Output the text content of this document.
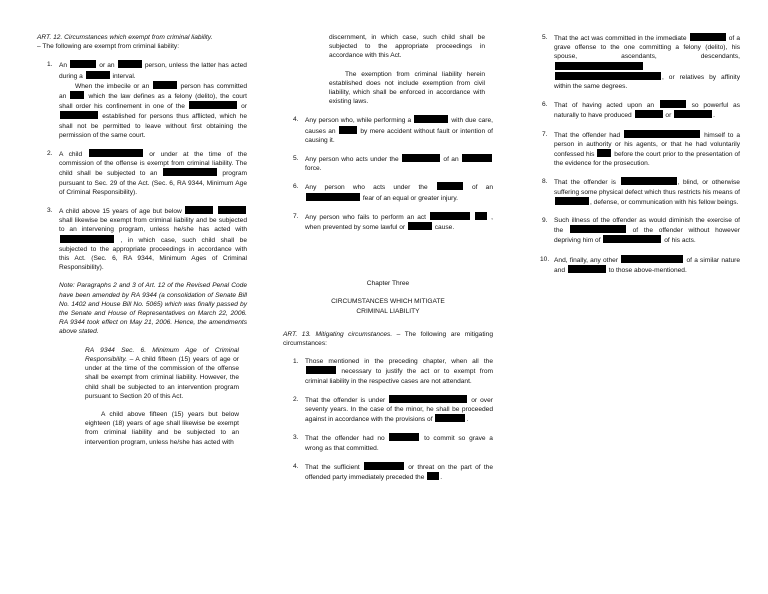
ART. 12. Circumstances which exempt from criminal liability.
– The following are exempt from criminal liability:
1. An	or an	person, unless the latter has acted during a	interval.
When the imbecile or an	person has committed an	which the law defines as a felony (delito), the court shall order his confinement in one of the	or  established for persons thus afflicted, which he shall not be permitted to leave without first obtaining the permission of the same court.
2. A child	or under at the time of the commission of the offense is exempt from criminal liability. The child shall be subjected to an	program pursuant to Sec. 29 of the Act. (Sec. 6, RA 9344, Minimum Age of Criminal Responsibility).
3. A child above 15 years of age but below   shall likewise be exempt from criminal liability and be subjected to an intervening program, unless he/she has acted with  , in which case, such child shall be subjected to the appropriate proceedings in accordance with this Act. (Sec. 6, RA 9344, Minimum Ages of Criminal Responsibility).
Note: Paragraphs 2 and 3 of Art. 12 of the Revised Penal Code have been amended by RA 9344 (a consolidation of Senate Bill No. 1402 and House Bill No. 5065) which was finally passed by the Senate and House of Representatives on March 22, 2006. RA 9344 took effect on May 21, 2006. Hence, the amendments above stated.
RA 9344 Sec. 6. Minimum Age of Criminal Responsibility. – A child fifteen (15) years of age or under at the time of the commission of the offense shall be exempt from criminal liability. However, the child shall be subjected to an intervention program pursuant to Section 20 of this Act.
A child above fifteen (15) years but below eighteen (18) years of age shall likewise be exempt from criminal liability and be subjected to an intervention program, unless he/she has acted with
discernment, in which case, such child shall be subjected to the appropriate proceedings in accordance with this Act.
The exemption from criminal liability herein established does not include exemption from civil liability, which shall be enforced in accordance with existing laws.
4. Any person who, while performing a	with due care, causes an	by mere accident without fault or intention of causing it.
5. Any person who acts under the	of an  force.
6. Any person who acts under the	of an  fear of an equal or greater injury.
7. Any person who fails to perform an act	, when prevented by some lawful or	cause.
Chapter Three
CIRCUMSTANCES WHICH MITIGATE
CRIMINAL LIABILITY
ART. 13. Mitigating circumstances. – The following are mitigating circumstances:
1. Those mentioned in the preceding chapter, when all the  necessary to justify the act or to exempt from criminal liability in the respective cases are not attendant.
2. That the offender is under	or over seventy years. In the case of the minor, he shall be proceeded against in accordance with the provisions of	.
3. That the offender had no	to commit so grave a wrong as that committed.
4. That the sufficient	or threat on the part of the offended party immediately preceded the .
5. That the act was committed in the immediate	of a grave offense to the one committing a felony (delito), his spouse, ascendants, descendants,  , or relatives by affinity within the same degrees.
6. That of having acted upon an	so powerful as naturally to have produced	or	.
7. That the offender had	himself to a person in authority or his agents, or that he had voluntarily confessed his	before the court prior to the presentation of the evidence for the prosecution.
8. That the offender is	, blind, or otherwise suffering some physical defect which thus restricts his means of , defense, or communication with his fellow beings.
9. Such illness of the offender as would diminish the exercise of the	of the offender without however depriving him of	of his acts.
10. And, finally, any other	of a similar nature and	to those above-mentioned.
